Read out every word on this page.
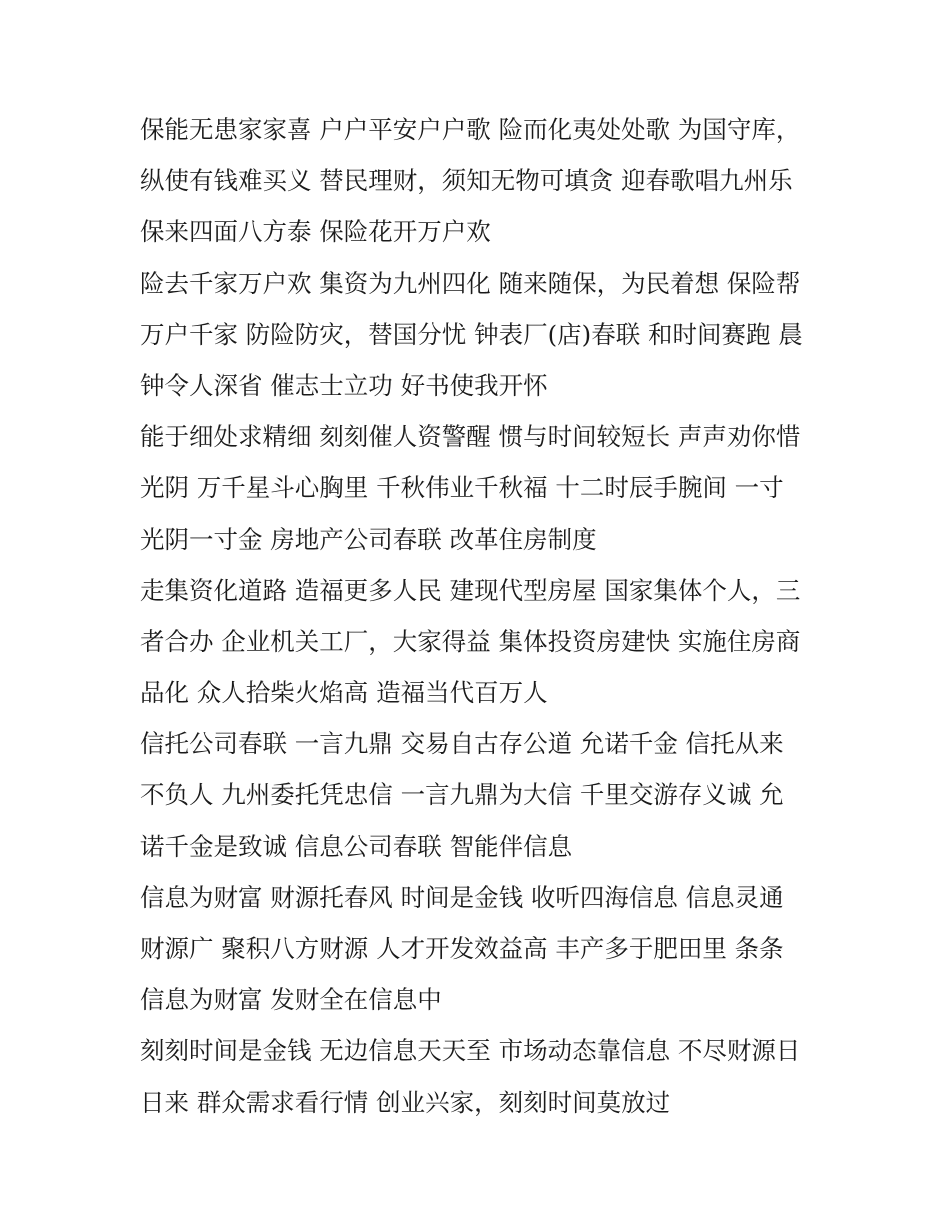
保能无患家家喜 户户平安户户歌 险而化夷处处歌 为国守库，
纵使有钱难买义 替民理财，须知无物可填贪 迎春歌唱九州乐
保来四面八方泰 保险花开万户欢
险去千家万户欢 集资为九州四化 随来随保，为民着想 保险帮
万户千家 防险防灾，替国分忧 钟表厂(店)春联 和时间赛跑 晨
钟令人深省 催志士立功 好书使我开怀
能于细处求精细 刻刻催人资警醒 惯与时间较短长 声声劝你惜
光阴 万千星斗心胸里 千秋伟业千秋福 十二时辰手腕间 一寸
光阴一寸金 房地产公司春联 改革住房制度
走集资化道路 造福更多人民 建现代型房屋 国家集体个人，三
者合办 企业机关工厂，大家得益 集体投资房建快 实施住房商
品化 众人拾柴火焰高 造福当代百万人
信托公司春联 一言九鼎 交易自古存公道 允诺千金 信托从来
不负人 九州委托凭忠信 一言九鼎为大信 千里交游存义诚 允
诺千金是致诚 信息公司春联 智能伴信息
信息为财富 财源托春风 时间是金钱 收听四海信息 信息灵通
财源广 聚积八方财源 人才开发效益高 丰产多于肥田里 条条
信息为财富 发财全在信息中
刻刻时间是金钱 无边信息天天至 市场动态靠信息 不尽财源日
日来 群众需求看行情 创业兴家，刻刻时间莫放过
